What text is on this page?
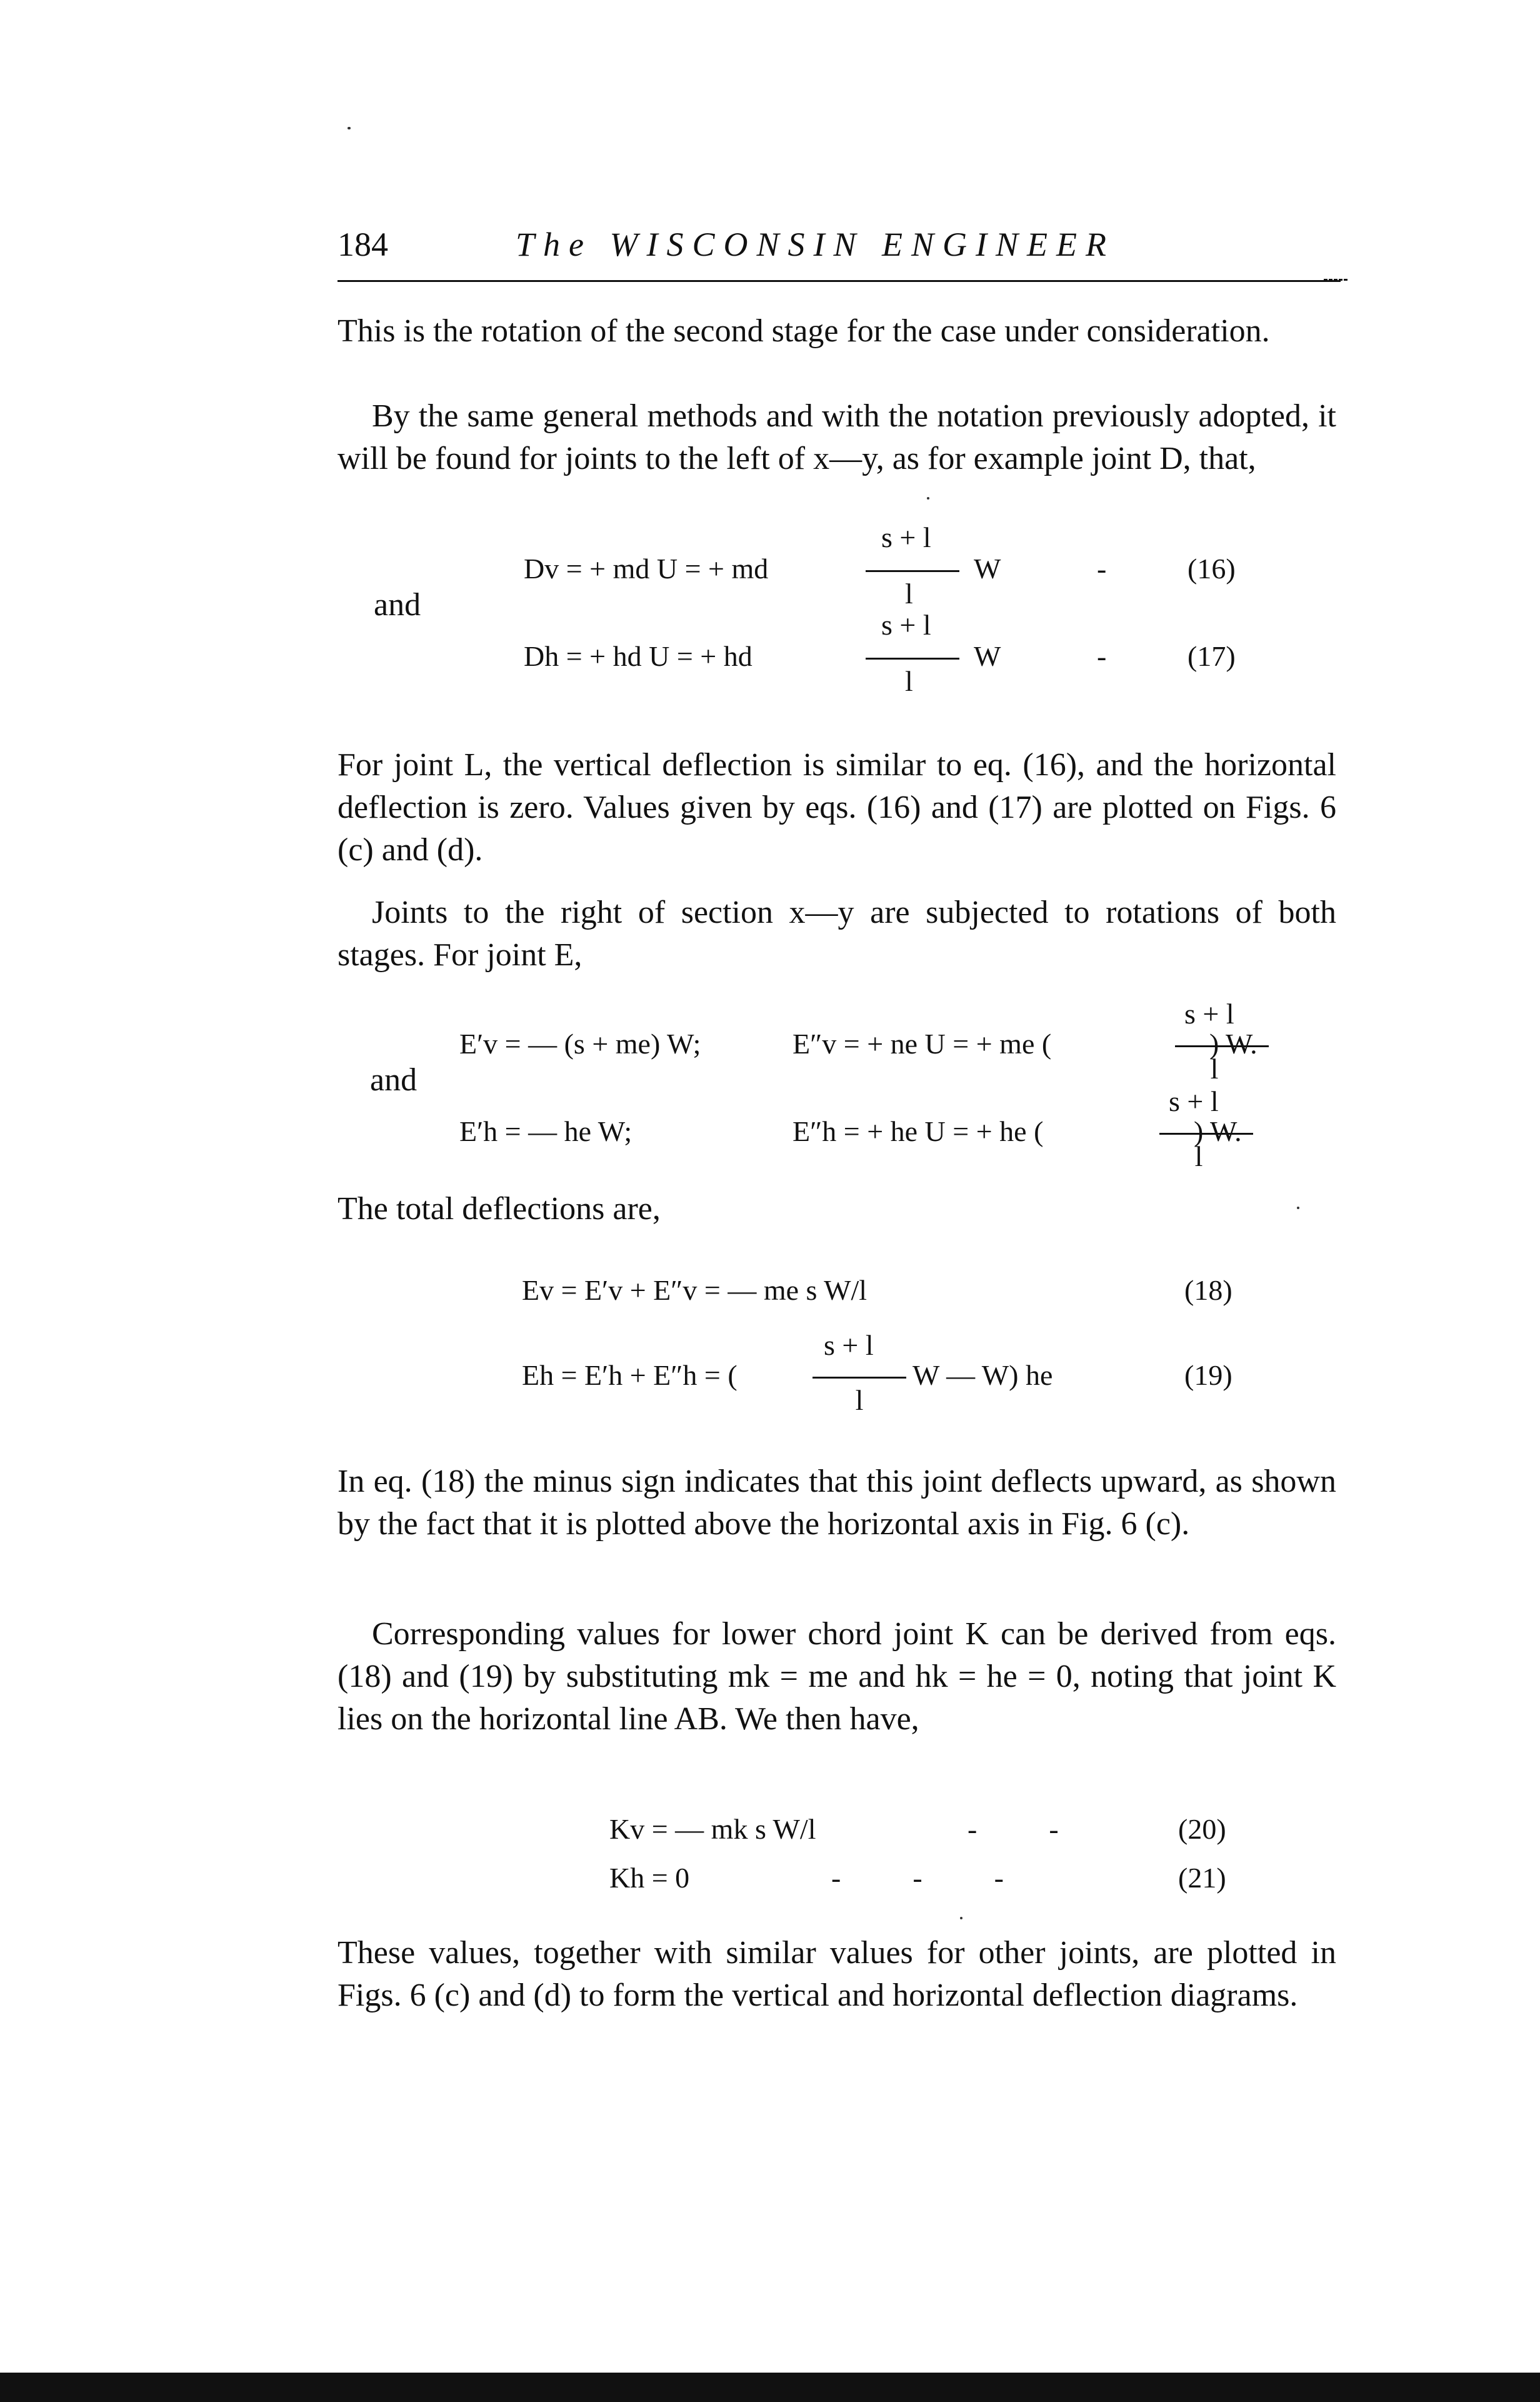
184	The WISCONSIN ENGINEER

This is the rotation of the second stage for the case under consideration.

By the same general methods and with the notation previously adopted, it will be found for joints to the left of x—y, as for example joint D, that,

Dv = + md U = + md
s + l
l
W	-	(16)
and
Dh = + hd U = + hd
s + l
l
W	-	(17)

For joint L, the vertical deflection is similar to eq. (16), and the horizontal deflection is zero. Values given by eqs. (16) and (17) are plotted on Figs. 6 (c) and (d).

Joints to the right of section x—y are subjected to rotations of both stages. For joint E,

E′v = — (s + me) W;	E″v = + ne U = + me (
s + l
l
) W.
and
E′h = — he W;	E″h = + he U = + he (
s + l
l
) W.

The total deflections are,

Ev = E′v + E″v = — me s W/l	(18)
Eh = E′h + E″h = (
s + l
l
W — W) he	(19)

In eq. (18) the minus sign indicates that this joint deflects upward, as shown by the fact that it is plotted above the horizontal axis in Fig. 6 (c).

Corresponding values for lower chord joint K can be derived from eqs. (18) and (19) by substituting mk = me and hk = he = 0, noting that joint K lies on the horizontal line AB. We then have,

Kv = — mk s W/l	-          -	(20)
Kh = 0	-          -          -	(21)

These values, together with similar values for other joints, are plotted in Figs. 6 (c) and (d) to form the vertical and horizontal deflection diagrams.
